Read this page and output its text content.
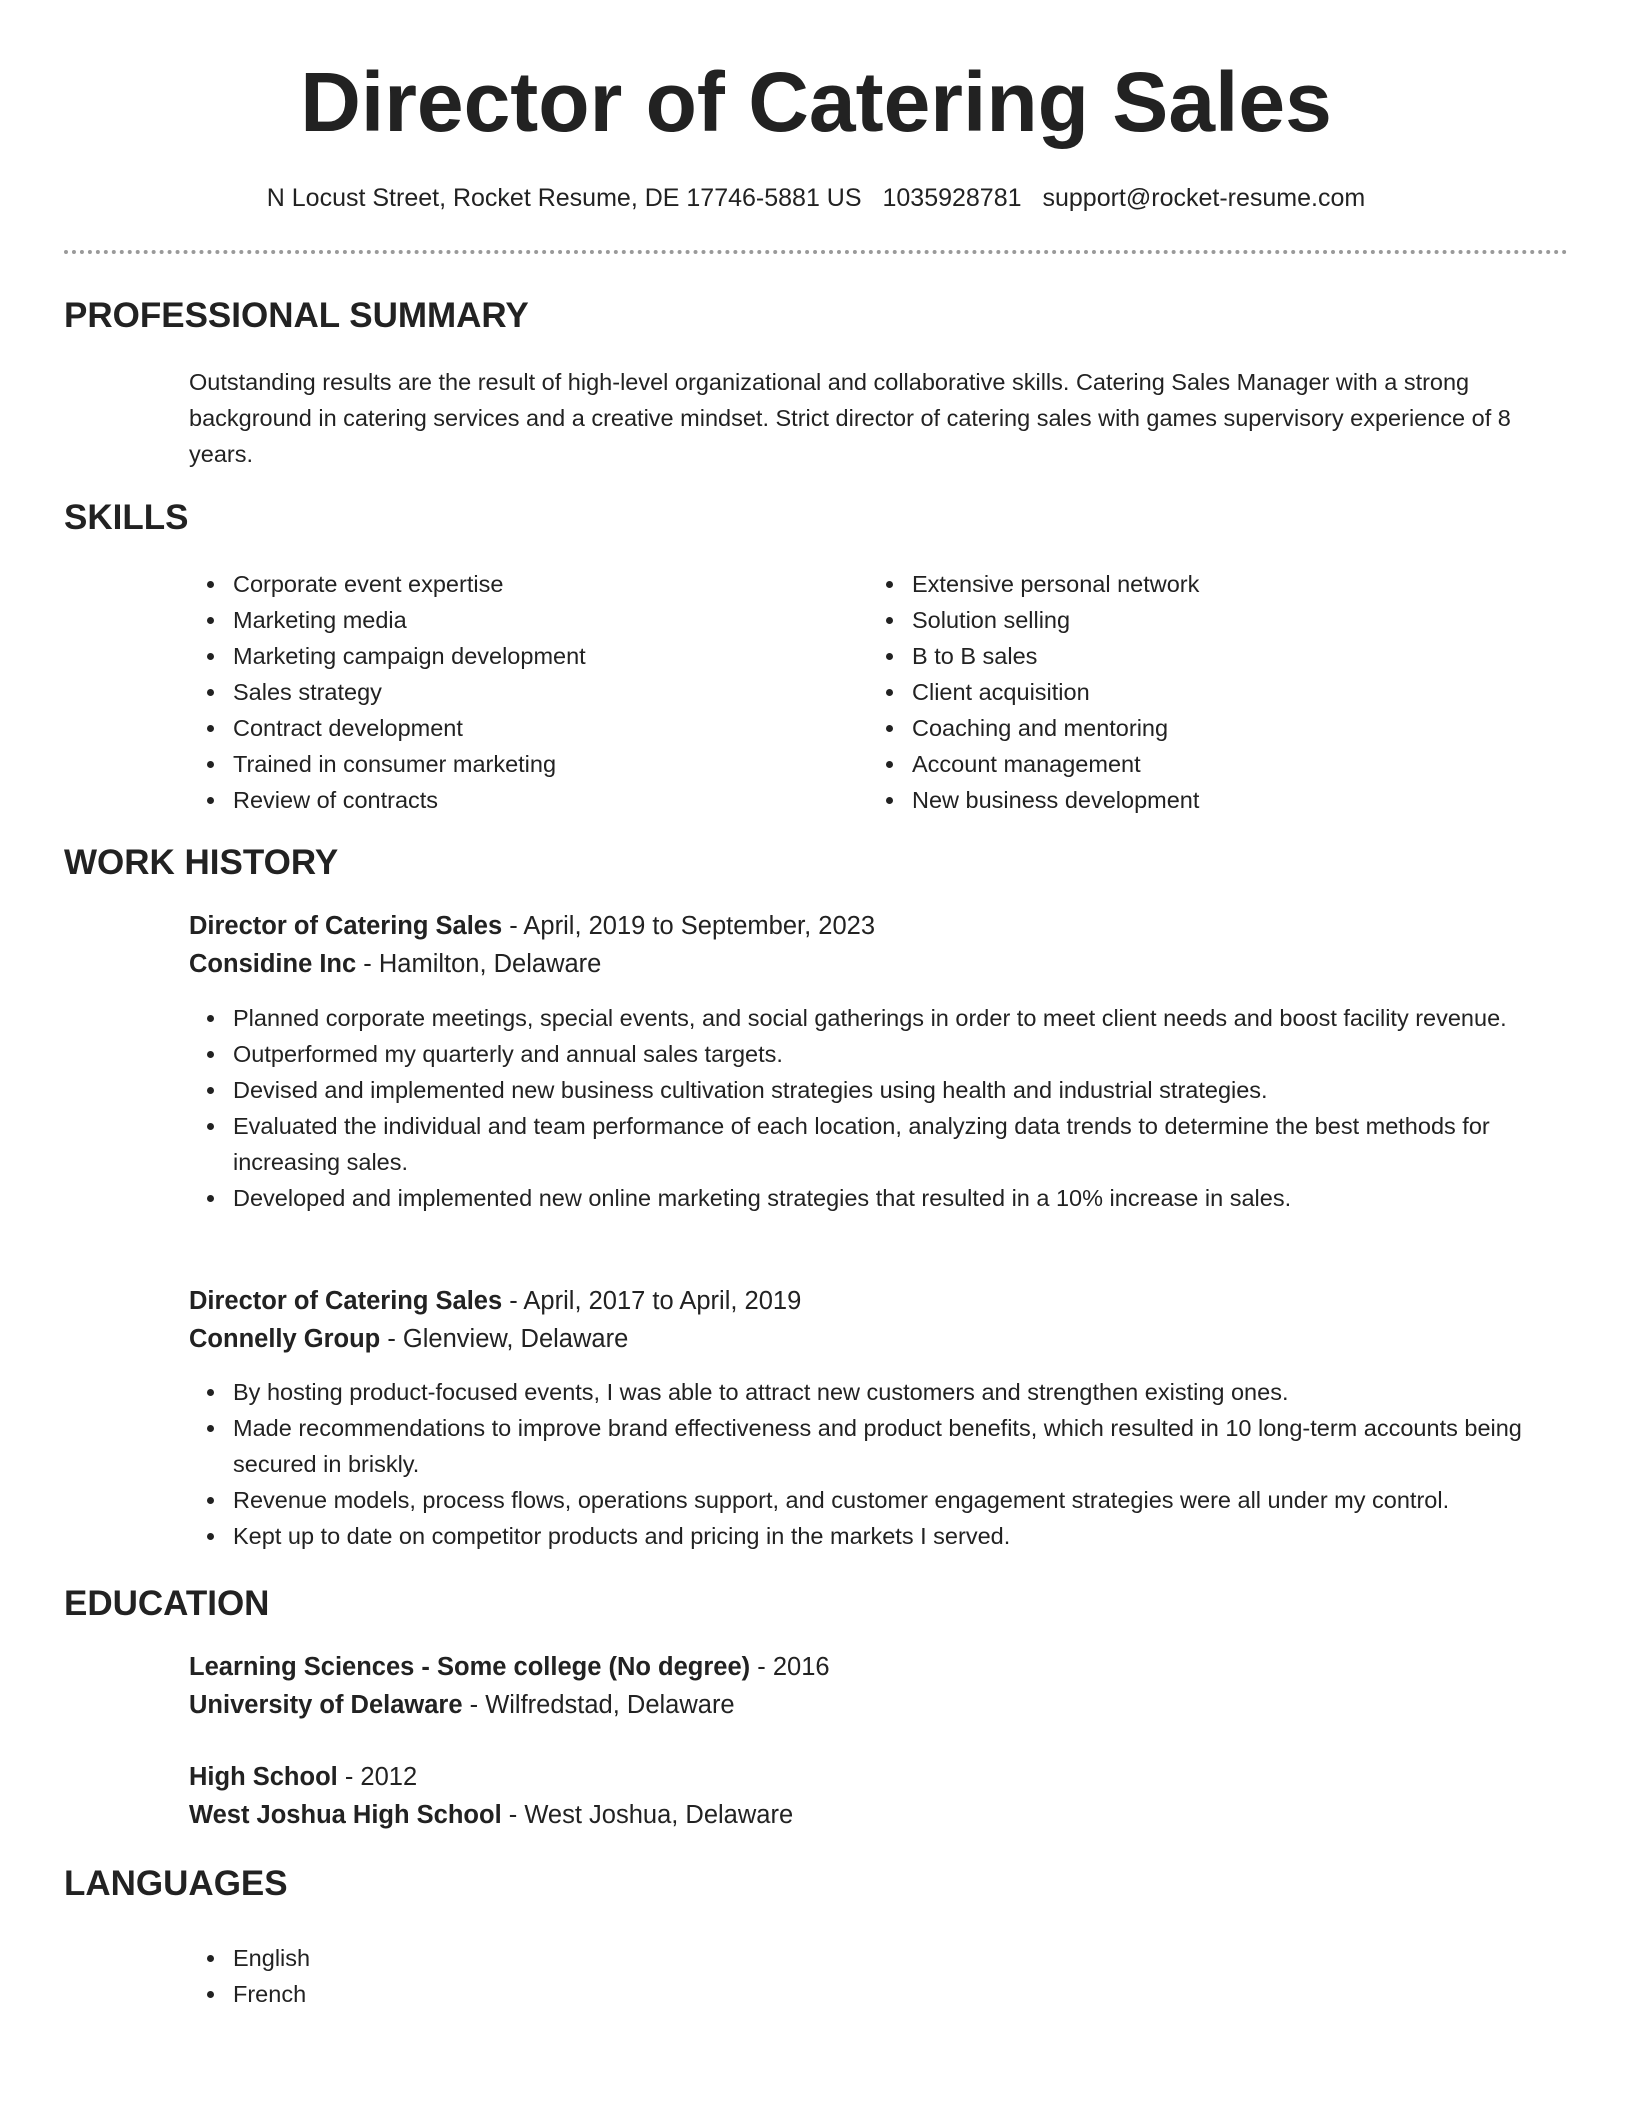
Director of Catering Sales
N Locust Street, Rocket Resume, DE 17746-5881 US 1035928781 support@rocket-resume.com
PROFESSIONAL SUMMARY

Outstanding results are the result of high-level organizational and collaborative skills. Catering Sales Manager with a strong background in catering services and a creative mindset. Strict director of catering sales with games supervisory experience of 8 years.

SKILLS
Corporate event expertise
Marketing media
Marketing campaign development
Sales strategy
Contract development
Trained in consumer marketing
Review of contracts
Extensive personal network
Solution selling
B to B sales
Client acquisition
Coaching and mentoring
Account management
New business development
WORK HISTORY
Director of Catering Sales - April, 2019 to September, 2023
Considine Inc - Hamilton, Delaware
Planned corporate meetings, special events, and social gatherings in order to meet client needs and boost facility revenue.
Outperformed my quarterly and annual sales targets.
Devised and implemented new business cultivation strategies using health and industrial strategies.
Evaluated the individual and team performance of each location, analyzing data trends to determine the best methods for increasing sales.
Developed and implemented new online marketing strategies that resulted in a 10% increase in sales.
Director of Catering Sales - April, 2017 to April, 2019
Connelly Group - Glenview, Delaware
By hosting product-focused events, I was able to attract new customers and strengthen existing ones.
Made recommendations to improve brand effectiveness and product benefits, which resulted in 10 long-term accounts being secured in briskly.
Revenue models, process flows, operations support, and customer engagement strategies were all under my control.
Kept up to date on competitor products and pricing in the markets I served.
EDUCATION
Learning Sciences - Some college (No degree) - 2016
University of Delaware - Wilfredstad, Delaware
High School - 2012
West Joshua High School - West Joshua, Delaware
LANGUAGES
English
French
